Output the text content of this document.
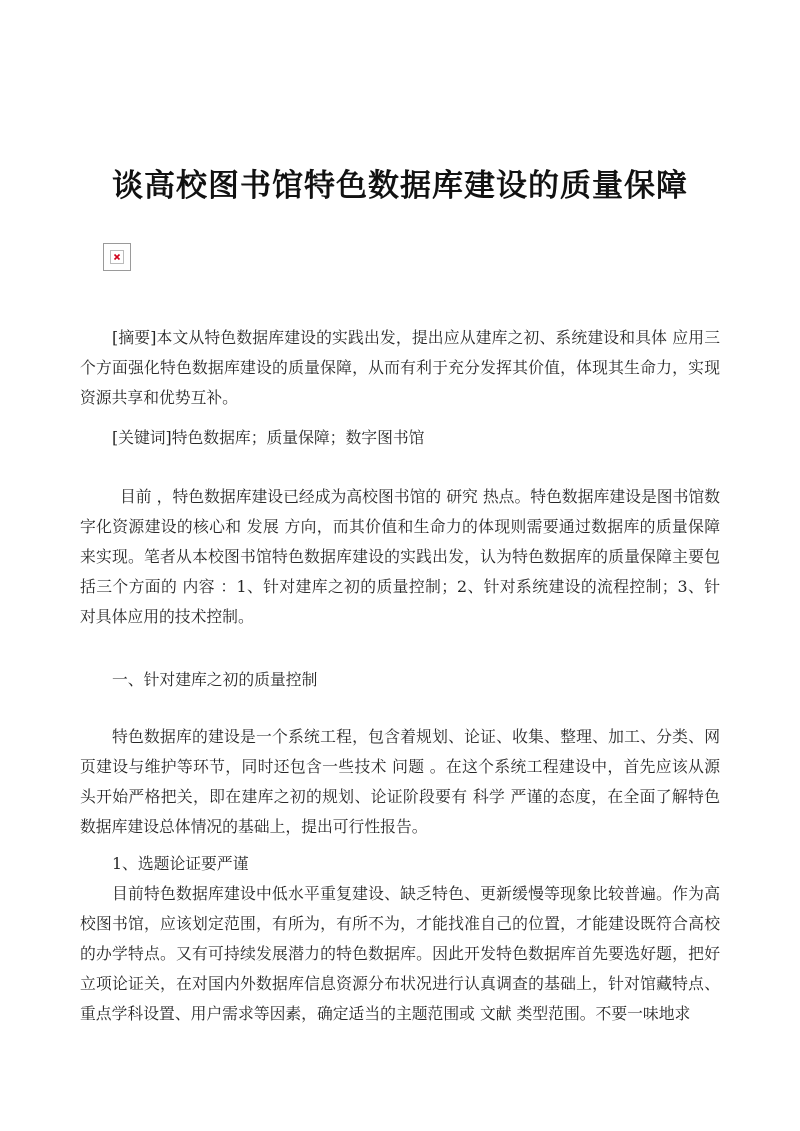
谈高校图书馆特色数据库建设的质量保障

[摘要]本文从特色数据库建设的实践出发，提出应从建库之初、系统建设和具体 应用三个方面强化特色数据库建设的质量保障，从而有利于充分发挥其价值，体现其生命力，实现资源共享和优势互补。

[关键词]特色数据库；质量保障；数字图书馆

目前 ，特色数据库建设已经成为高校图书馆的 研究 热点。特色数据库建设是图书馆数字化资源建设的核心和 发展 方向，而其价值和生命力的体现则需要通过数据库的质量保障来实现。笔者从本校图书馆特色数据库建设的实践出发，认为特色数据库的质量保障主要包括三个方面的 内容 ：1、针对建库之初的质量控制；2、针对系统建设的流程控制；3、针对具体应用的技术控制。

一、针对建库之初的质量控制

特色数据库的建设是一个系统工程，包含着规划、论证、收集、整理、加工、分类、网页建设与维护等环节，同时还包含一些技术 问题 。在这个系统工程建设中，首先应该从源头开始严格把关，即在建库之初的规划、论证阶段要有 科学 严谨的态度，在全面了解特色数据库建设总体情况的基础上，提出可行性报告。

1、选题论证要严谨

目前特色数据库建设中低水平重复建设、缺乏特色、更新缓慢等现象比较普遍。作为高校图书馆，应该划定范围，有所为，有所不为，才能找准自己的位置，才能建设既符合高校的办学特点。又有可持续发展潜力的特色数据库。因此开发特色数据库首先要选好题，把好立项论证关，在对国内外数据库信息资源分布状况进行认真调查的基础上，针对馆藏特点、重点学科设置、用户需求等因素，确定适当的主题范围或 文献 类型范围。不要一味地求
